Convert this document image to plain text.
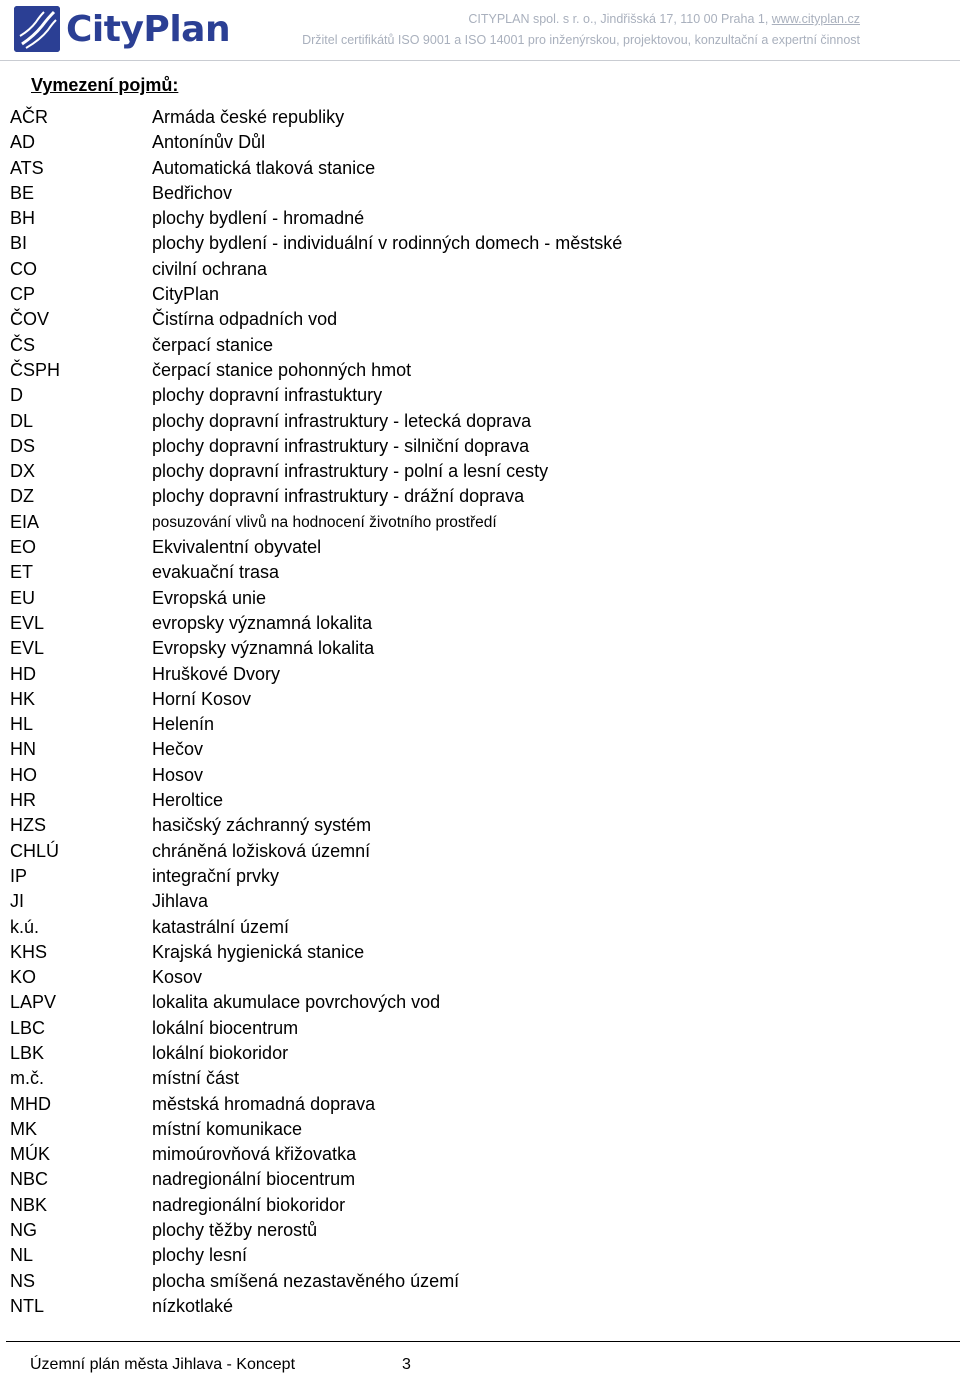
CityPlan	CITYPLAN spol. s r. o., Jindřišská 17, 110 00 Praha 1, www.cityplan.cz
Držitel certifikátů ISO 9001 a ISO 14001 pro inženýrskou, projektovou, konzultační a expertní činnost
Vymezení pojmů:
AČR	Armáda české republiky
AD	Antonínův Důl
ATS	Automatická tlaková stanice
BE	Bedřichov
BH	plochy bydlení - hromadné
BI	plochy bydlení - individuální v rodinných domech - městské
CO	civilní ochrana
CP	CityPlan
ČOV	Čistírna odpadních vod
ČS	čerpací stanice
ČSPH	čerpací stanice pohonných hmot
D	plochy dopravní infrastuktury
DL	plochy dopravní infrastruktury - letecká doprava
DS	plochy dopravní infrastruktury - silniční doprava
DX	plochy dopravní infrastruktury - polní a lesní cesty
DZ	plochy dopravní infrastruktury - drážní doprava
EIA	posuzování vlivů na hodnocení životního prostředí
EO	Ekvivalentní obyvatel
ET	evakuační trasa
EU	Evropská unie
EVL	evropsky významná lokalita
EVL	Evropsky významná lokalita
HD	Hruškové Dvory
HK	Horní Kosov
HL	Helenín
HN	Hečov
HO	Hosov
HR	Heroltice
HZS	hasičský záchranný systém
CHLÚ	chráněná ložisková územní
IP	integrační prvky
JI	Jihlava
k.ú.	katastrální území
KHS	Krajská hygienická stanice
KO	Kosov
LAPV	lokalita akumulace povrchových vod
LBC	lokální biocentrum
LBK	lokální biokoridor
m.č.	místní část
MHD	městská hromadná doprava
MK	místní komunikace
MÚK	mimoúrovňová křižovatka
NBC	nadregionální biocentrum
NBK	nadregionální biokoridor
NG	plochy těžby nerostů
NL	plochy lesní
NS	plocha smíšená nezastavěného území
NTL	nízkotlaké
Územní plán města Jihlava - Koncept	3
